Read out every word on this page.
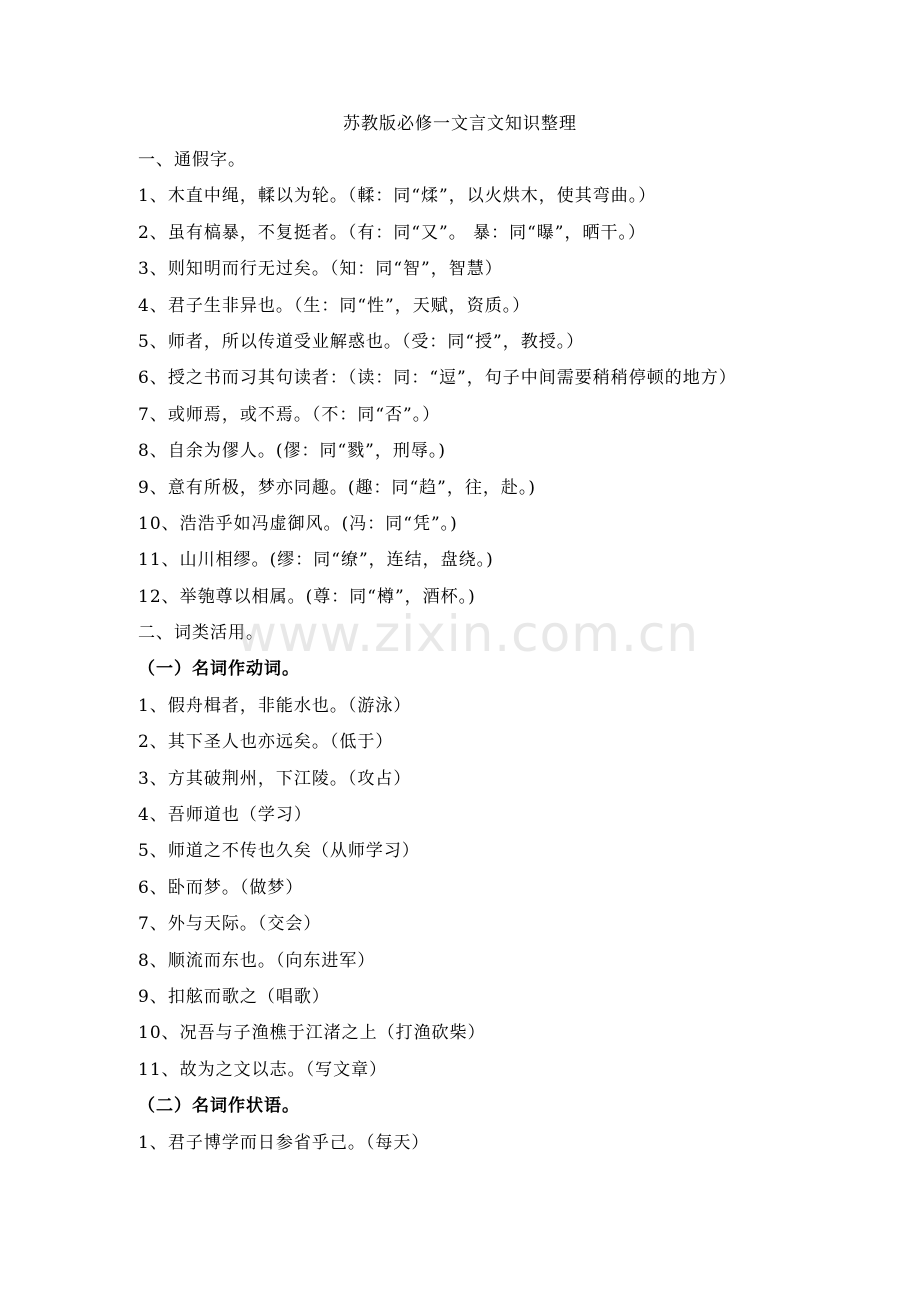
苏教版必修一文言文知识整理
一、通假字。
1、木直中绳，輮以为轮。（輮：同“煣”，以火烘木，使其弯曲。）
2、虽有槁暴，不复挺者。（有：同“又”。 暴：同“曝”，晒干。）
3、则知明而行无过矣。（知：同“智”，智慧）
4、君子生非异也。（生：同“性”，天赋，资质。）
5、师者，所以传道受业解惑也。（受：同“授”，教授。）
6、授之书而习其句读者：（读：同：“逗”，句子中间需要稍稍停顿的地方）
7、或师焉，或不焉。（不：同“否”。）
8、自余为僇人。(僇：同“戮”，刑辱。)
9、意有所极，梦亦同趣。(趣：同“趋”，往，赴。)
10、浩浩乎如冯虚御风。(冯：同“凭”。)
11、山川相缪。(缪：同“缭”，连结，盘绕。)
12、举匏尊以相属。(尊：同“樽”，酒杯。)
二、词类活用。
（一）名词作动词。
1、假舟楫者，非能水也。（游泳）
2、其下圣人也亦远矣。（低于）
3、方其破荆州，下江陵。（攻占）
4、吾师道也（学习）
5、师道之不传也久矣（从师学习）
6、卧而梦。（做梦）
7、外与天际。（交会）
8、顺流而东也。（向东进军）
9、扣舷而歌之（唱歌）
10、况吾与子渔樵于江渚之上（打渔砍柴）
11、故为之文以志。（写文章）
（二）名词作状语。
1、君子博学而日参省乎己。（每天）
www.zixin.com.cn
